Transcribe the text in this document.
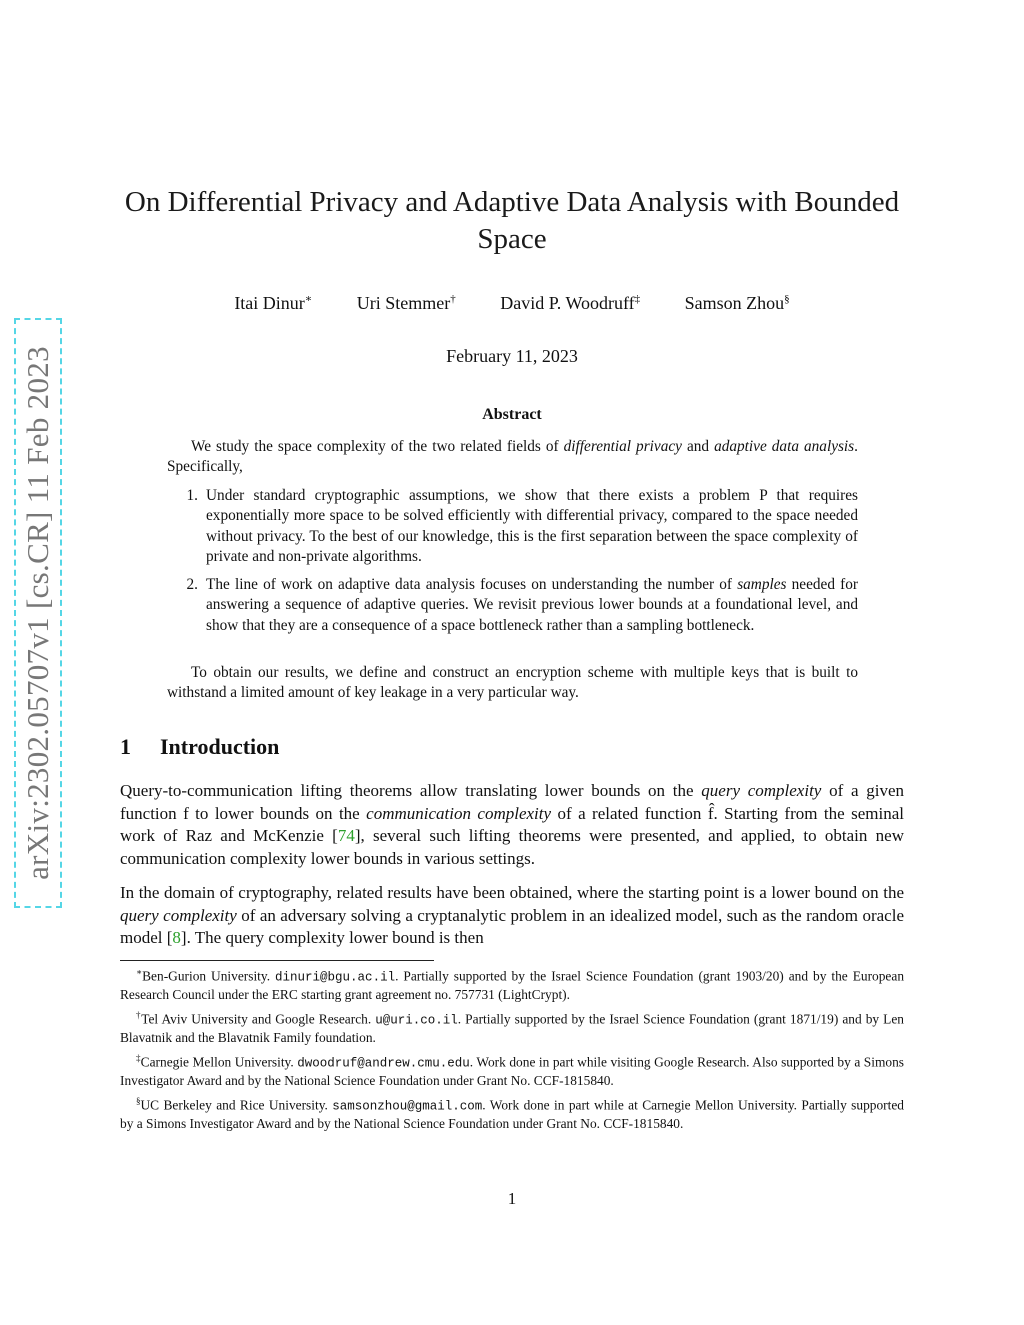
arXiv:2302.05707v1 [cs.CR] 11 Feb 2023
On Differential Privacy and Adaptive Data Analysis with Bounded
Space
Itai Dinur∗ Uri Stemmer† David P. Woodruff‡ Samson Zhou§
February 11, 2023
Abstract
We study the space complexity of the two related fields of differential privacy and adaptive data analysis. Specifically,
1. Under standard cryptographic assumptions, we show that there exists a problem P that requires exponentially more space to be solved efficiently with differential privacy, compared to the space needed without privacy. To the best of our knowledge, this is the first separation between the space complexity of private and non-private algorithms.
2. The line of work on adaptive data analysis focuses on understanding the number of samples needed for answering a sequence of adaptive queries. We revisit previous lower bounds at a foundational level, and show that they are a consequence of a space bottleneck rather than a sampling bottleneck.
To obtain our results, we define and construct an encryption scheme with multiple keys that is built to withstand a limited amount of key leakage in a very particular way.
1 Introduction
Query-to-communication lifting theorems allow translating lower bounds on the query complexity of a given function f to lower bounds on the communication complexity of a related function f̂. Starting from the seminal work of Raz and McKenzie [74], several such lifting theorems were presented, and applied, to obtain new communication complexity lower bounds in various settings.
In the domain of cryptography, related results have been obtained, where the starting point is a lower bound on the query complexity of an adversary solving a cryptanalytic problem in an idealized model, such as the random oracle model [8]. The query complexity lower bound is then

∗Ben-Gurion University. dinuri@bgu.ac.il. Partially supported by the Israel Science Foundation (grant 1903/20) and by the European Research Council under the ERC starting grant agreement no. 757731 (LightCrypt).

†Tel Aviv University and Google Research. u@uri.co.il. Partially supported by the Israel Science Foundation (grant 1871/19) and by Len Blavatnik and the Blavatnik Family foundation.

‡Carnegie Mellon University. dwoodruf@andrew.cmu.edu. Work done in part while visiting Google Research. Also supported by a Simons Investigator Award and by the National Science Foundation under Grant No. CCF-1815840.

§UC Berkeley and Rice University. samsonzhou@gmail.com. Work done in part while at Carnegie Mellon University. Partially supported by a Simons Investigator Award and by the National Science Foundation under Grant No. CCF-1815840.

1
